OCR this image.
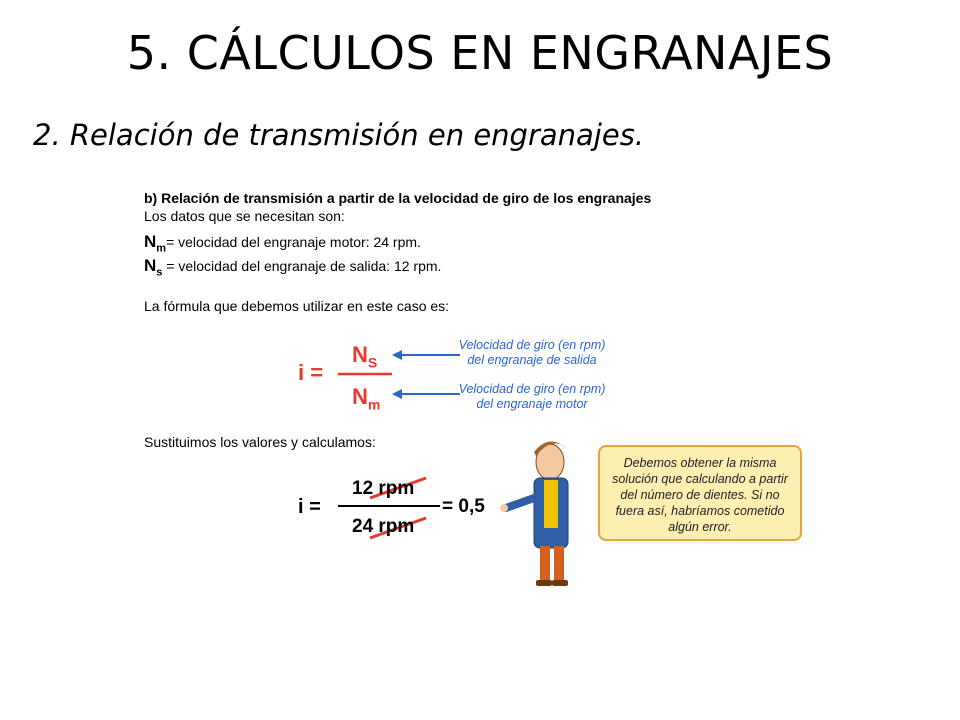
5. CÁLCULOS EN ENGRANAJES
2. Relación de transmisión en engranajes.
b) Relación de transmisión a partir de la velocidad de giro de los engranajes
Los datos que se necesitan son:
$N_m=$ velocidad del engranaje motor: 24 rpm.
$N_s$ = velocidad del engranaje de salida: 12 rpm.
La fórmula que debemos utilizar en este caso es:
i =
$N_S$
$N_m$
Velocidad de giro (en rpm)
del engranaje de salida
Velocidad de giro (en rpm)
del engranaje motor
Sustituimos los valores y calculamos:
i =
12 rpm
24 rpm
= 0,5
Debemos obtener la misma solución que calculando a partir del número de dientes. Si no fuera así, habríamos cometido algún error.
